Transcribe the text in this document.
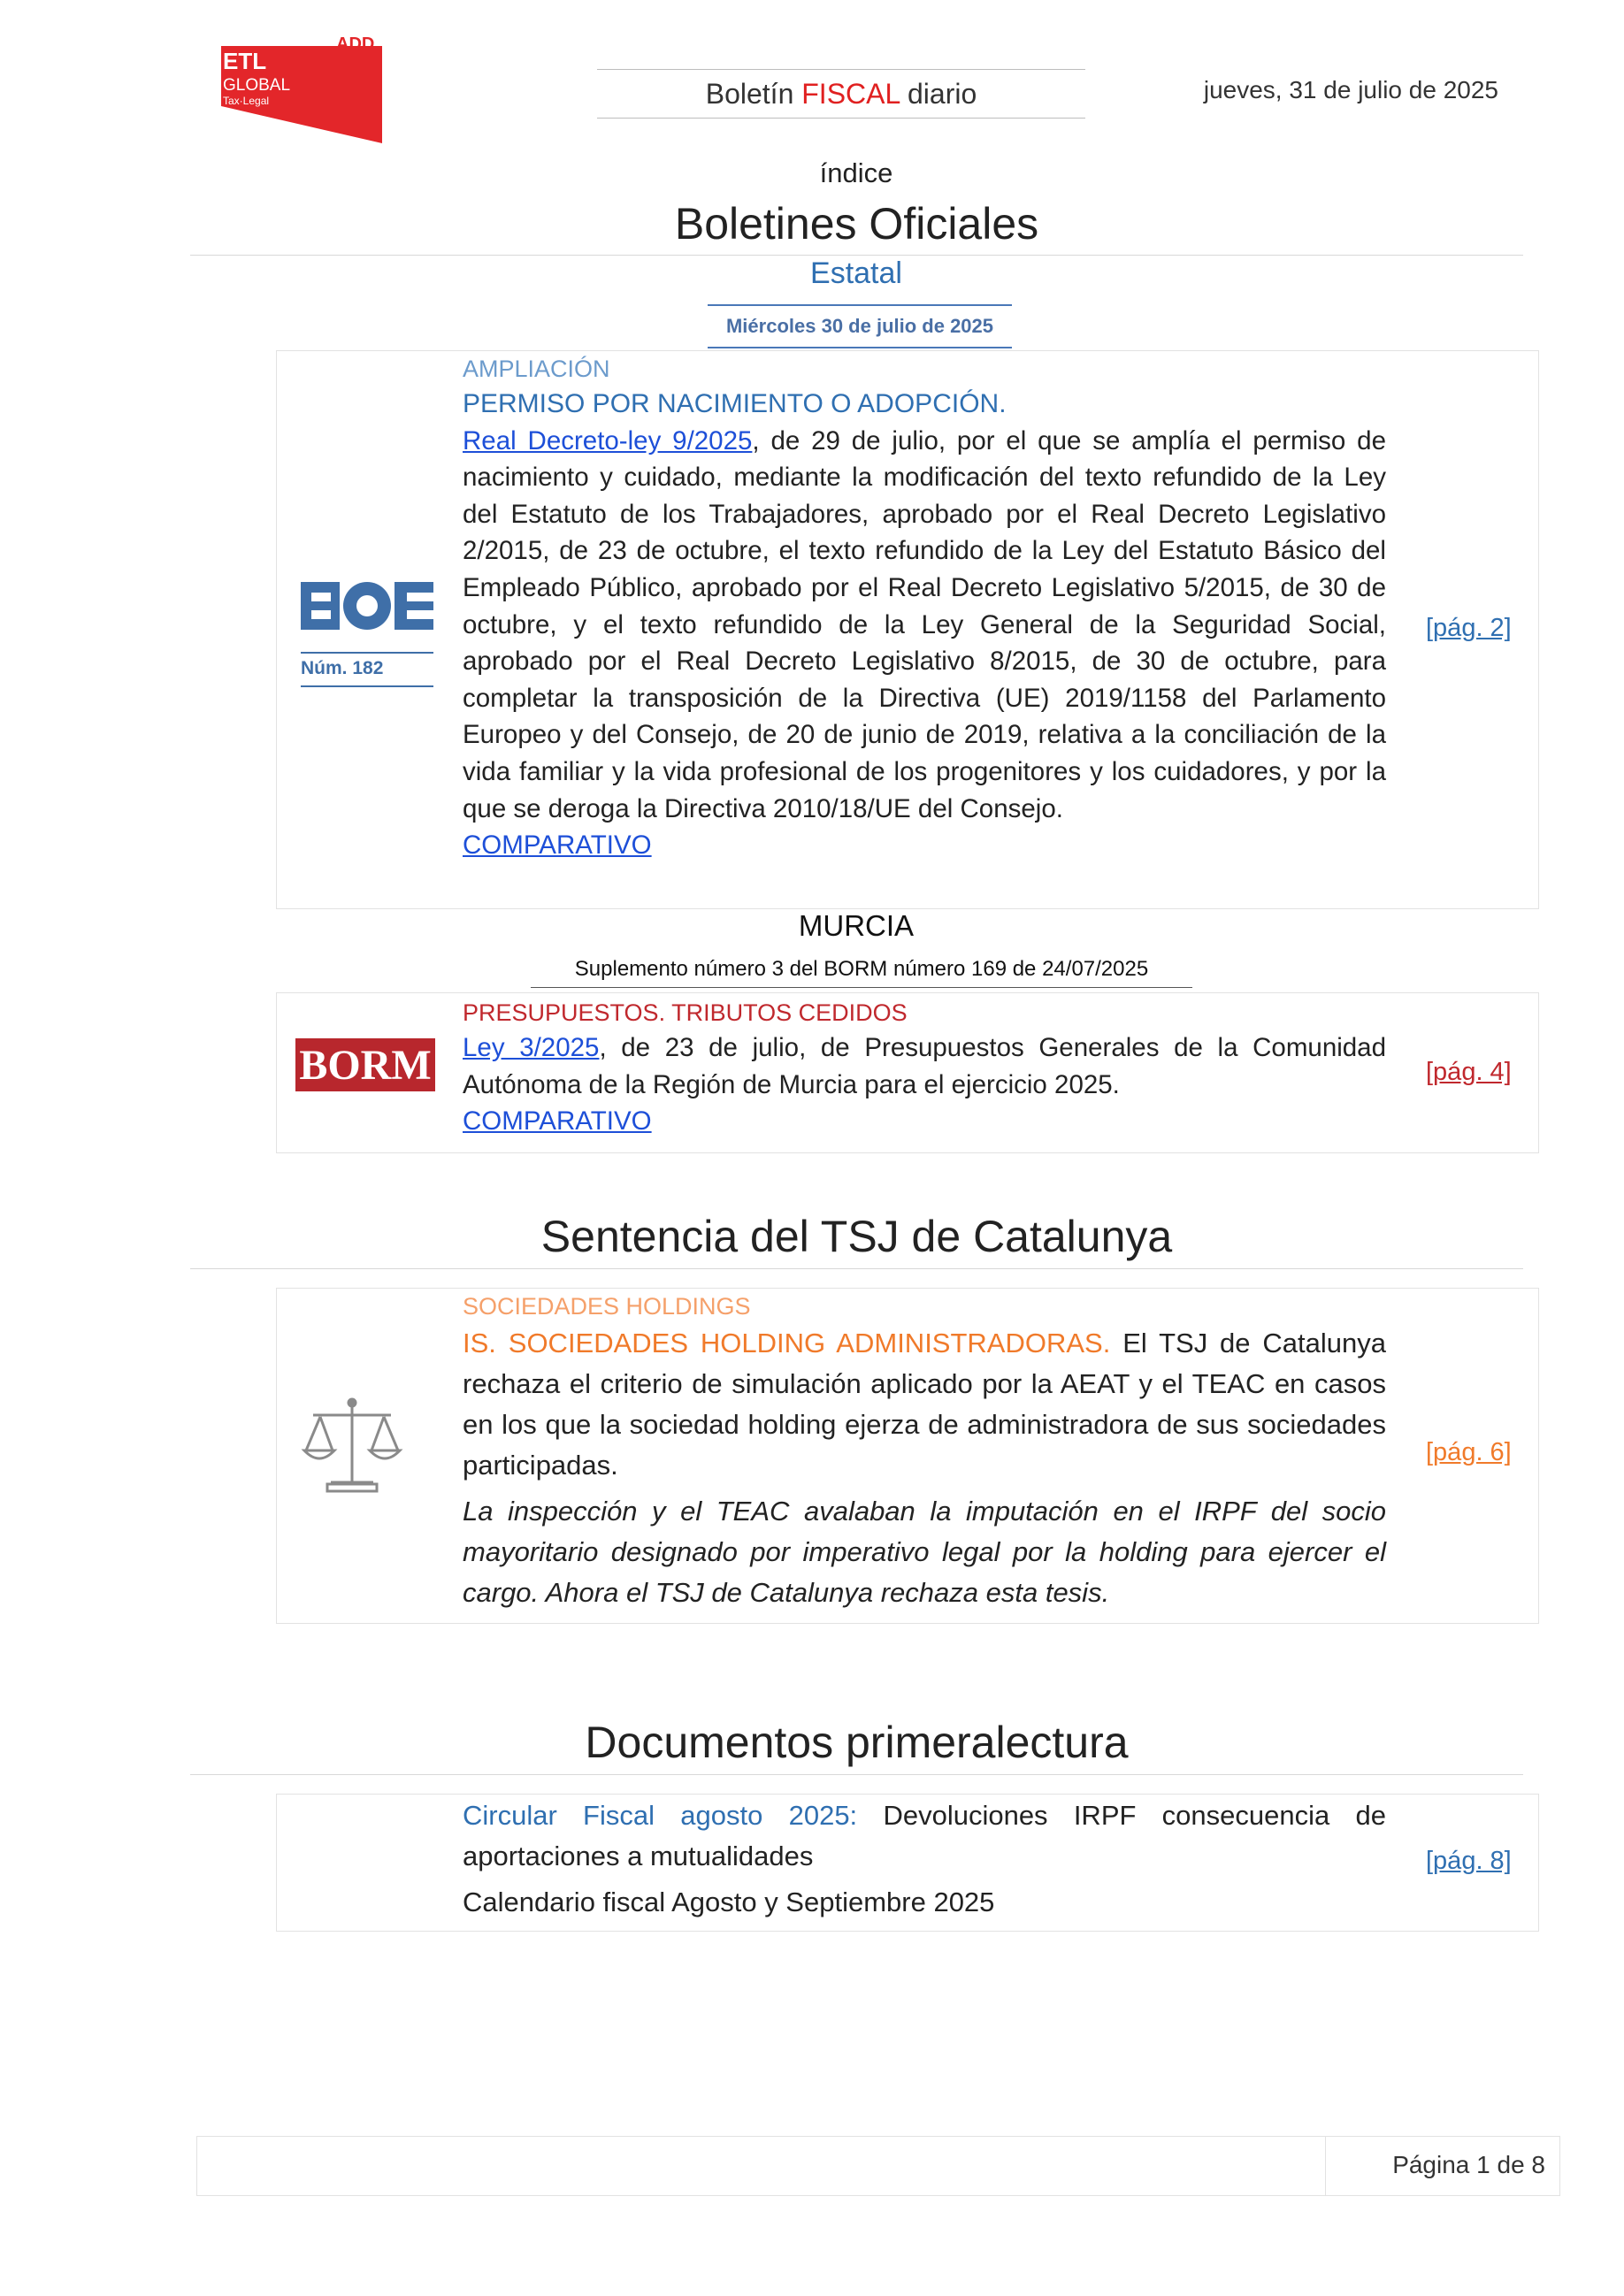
ETL
GLOBAL
Tax·Legal
ADD
Boletín FISCAL diario	jueves, 31 de julio de 2025
índice
Boletines Oficiales
Estatal
Miércoles 30 de julio de 2025
Núm. 182
AMPLIACIÓN
PERMISO POR NACIMIENTO O ADOPCIÓN.
Real Decreto-ley 9/2025, de 29 de julio, por el que se amplía el permiso de nacimiento y cuidado, mediante la modificación del texto refundido de la Ley del Estatuto de los Trabajadores, aprobado por el Real Decreto Legislativo 2/2015, de 23 de octubre, el texto refundido de la Ley del Estatuto Básico del Empleado Público, aprobado por el Real Decreto Legislativo 5/2015, de 30 de octubre, y el texto refundido de la Ley General de la Seguridad Social, aprobado por el Real Decreto Legislativo 8/2015, de 30 de octubre, para completar la transposición de la Directiva (UE) 2019/1158 del Parlamento Europeo y del Consejo, de 20 de junio de 2019, relativa a la conciliación de la vida familiar y la vida profesional de los progenitores y los cuidadores, y por la que se deroga la Directiva 2010/18/UE del Consejo.
COMPARATIVO
[pág. 2]
MURCIA
Suplemento número 3 del BORM número 169 de 24/07/2025
BORM
PRESUPUESTOS. TRIBUTOS CEDIDOS
Ley 3/2025, de 23 de julio, de Presupuestos Generales de la Comunidad Autónoma de la Región de Murcia para el ejercicio 2025.
COMPARATIVO
[pág. 4]
Sentencia del TSJ de Catalunya
SOCIEDADES HOLDINGS
IS. SOCIEDADES HOLDING ADMINISTRADORAS. El TSJ de Catalunya rechaza el criterio de simulación aplicado por la AEAT y el TEAC en casos en los que la sociedad holding ejerza de administradora de sus sociedades participadas.
La inspección y el TEAC avalaban la imputación en el IRPF del socio mayoritario designado por imperativo legal por la holding para ejercer el cargo. Ahora el TSJ de Catalunya rechaza esta tesis.
[pág. 6]
Documentos primeralectura
Circular Fiscal agosto 2025: Devoluciones IRPF consecuencia de aportaciones a mutualidades
Calendario fiscal Agosto y Septiembre 2025
[pág. 8]
Página 1 de 8
